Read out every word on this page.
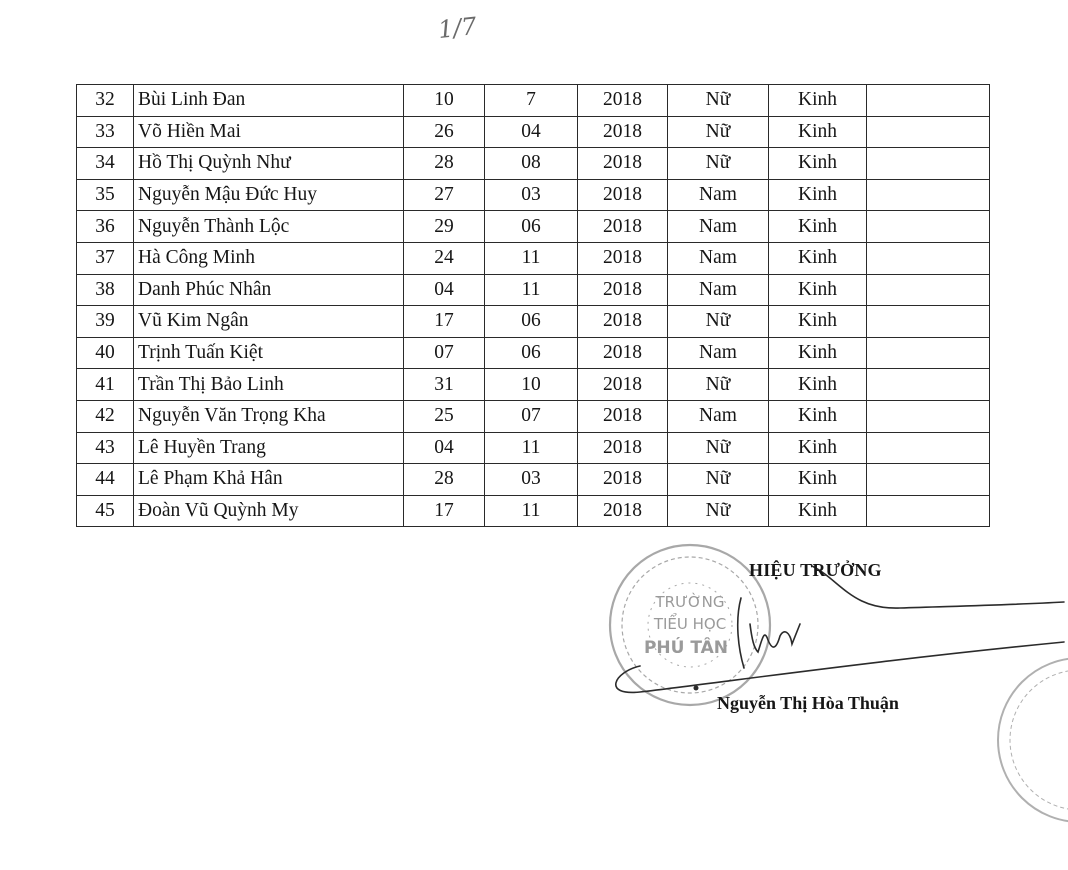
1/7
32	Bùi Linh Đan	10	7	2018	Nữ	Kinh	
33	Võ Hiền Mai	26	04	2018	Nữ	Kinh	
34	Hồ Thị Quỳnh Như	28	08	2018	Nữ	Kinh	
35	Nguyễn Mậu Đức Huy	27	03	2018	Nam	Kinh	
36	Nguyễn Thành Lộc	29	06	2018	Nam	Kinh	
37	Hà Công Minh	24	11	2018	Nam	Kinh	
38	Danh Phúc Nhân	04	11	2018	Nam	Kinh	
39	Vũ Kim Ngân	17	06	2018	Nữ	Kinh	
40	Trịnh Tuấn Kiệt	07	06	2018	Nam	Kinh	
41	Trần Thị Bảo Linh	31	10	2018	Nữ	Kinh	
42	Nguyễn Văn Trọng Kha	25	07	2018	Nam	Kinh	
43	Lê Huyền Trang	04	11	2018	Nữ	Kinh	
44	Lê Phạm Khả Hân	28	03	2018	Nữ	Kinh	
45	Đoàn Vũ Quỳnh My	17	11	2018	Nữ	Kinh	
TRƯỜNG
TIỂU HỌC
PHÚ TÂN
HIỆU TRƯỞNG
Nguyễn Thị Hòa Thuận
